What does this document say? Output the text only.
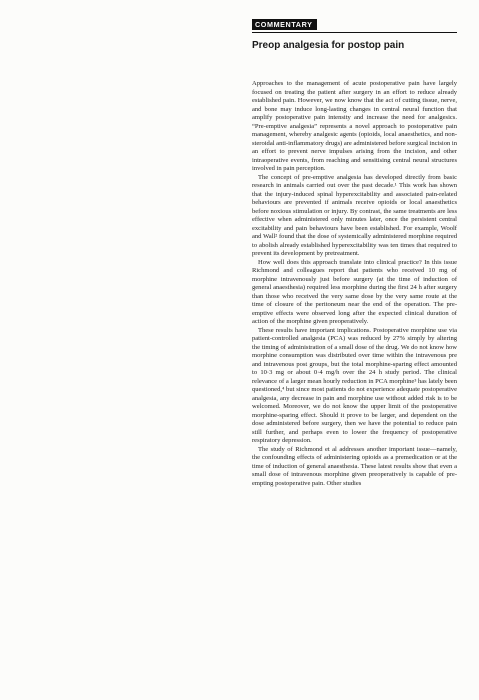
COMMENTARY
Preop analgesia for postop pain

Approaches to the management of acute postoperative pain have largely focused on treating the patient after surgery in an effort to reduce already established pain. However, we now know that the act of cutting tissue, nerve, and bone may induce long-lasting changes in central neural function that amplify postoperative pain intensity and increase the need for analgesics. “Pre-emptive analgesia” represents a novel approach to postoperative pain management, whereby analgesic agents (opioids, local anaesthetics, and non-steroidal anti-inflammatory drugs) are administered before surgical incision in an effort to prevent nerve impulses arising from the incision, and other intraoperative events, from reaching and sensitising central neural structures involved in pain perception.

The concept of pre-emptive analgesia has developed directly from basic research in animals carried out over the past decade.¹ This work has shown that the injury-induced spinal hyperexcitability and associated pain-related behaviours are prevented if animals receive opioids or local anaesthetics before noxious stimulation or injury. By contrast, the same treatments are less effective when administered only minutes later, once the persistent central excitability and pain behaviours have been established. For example, Woolf and Wall² found that the dose of systemically administered morphine required to abolish already established hyperexcitability was ten times that required to prevent its development by pretreatment.

How well does this approach translate into clinical practice? In this issue Richmond and colleagues report that patients who received 10 mg of morphine intravenously just before surgery (at the time of induction of general anaesthesia) required less morphine during the first 24 h after surgery than those who received the very same dose by the very same route at the time of closure of the peritoneum near the end of the operation. The pre-emptive effects were observed long after the expected clinical duration of action of the morphine given preoperatively.

These results have important implications. Postoperative morphine use via patient-controlled analgesia (PCA) was reduced by 27% simply by altering the timing of administration of a small dose of the drug. We do not know how morphine consumption was distributed over time within the intravenous pre and intravenous post groups, but the total morphine-sparing effect amounted to 10·3 mg or about 0·4 mg/h over the 24 h study period. The clinical relevance of a larger mean hourly reduction in PCA morphine³ has lately been questioned,⁴ but since most patients do not experience adequate postoperative analgesia, any decrease in pain and morphine use without added risk is to be welcomed. Moreover, we do not know the upper limit of the postoperative morphine-sparing effect. Should it prove to be larger, and dependent on the dose administered before surgery, then we have the potential to reduce pain still further, and perhaps even to lower the frequency of postoperative respiratory depression.

The study of Richmond et al addresses another important issue—namely, the confounding effects of administering opioids as a premedication or at the time of induction of general anaesthesia. These latest results show that even a small dose of intravenous morphine given preoperatively is capable of pre-empting postoperative pain. Other studies
